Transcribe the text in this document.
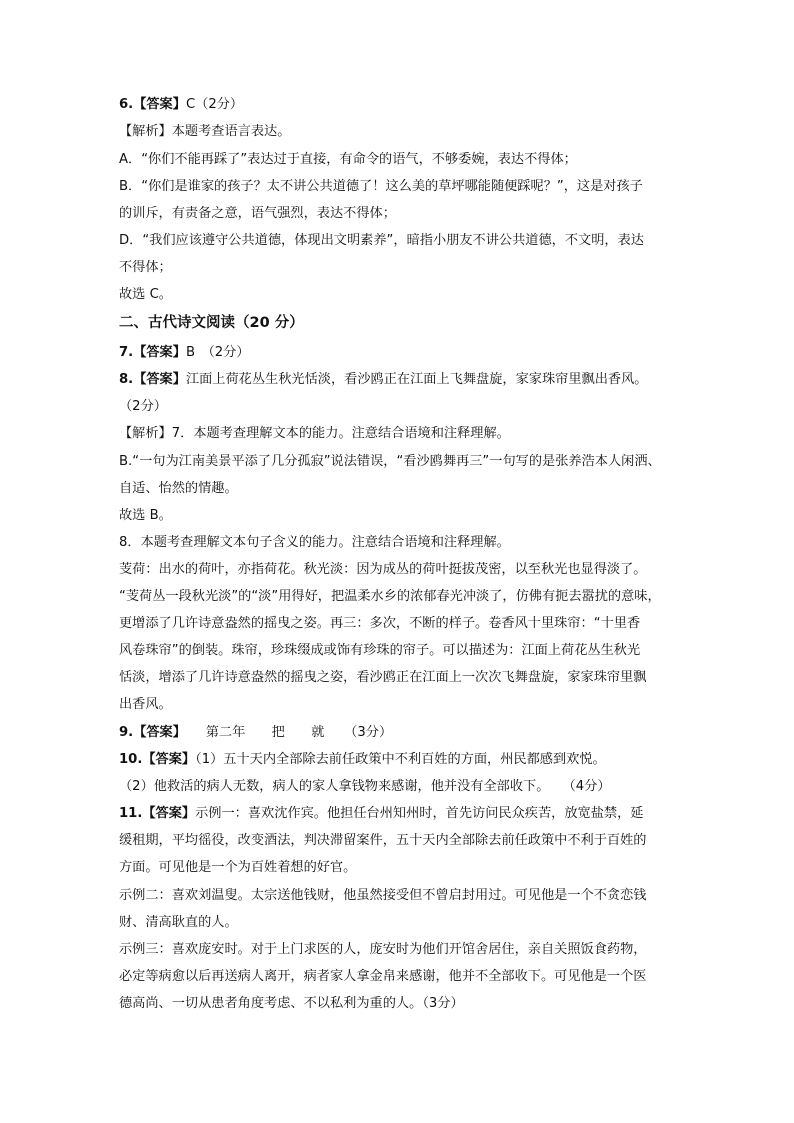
6.【答案】C（2分）
【解析】本题考查语言表达。
A．“你们不能再踩了”表达过于直接，有命令的语气，不够委婉，表达不得体；
B．“你们是谁家的孩子？太不讲公共道德了！这么美的草坪哪能随便踩呢？”，这是对孩子
的训斥，有责备之意，语气强烈，表达不得体；
D．“我们应该遵守公共道德，体现出文明素养”，暗指小朋友不讲公共道德，不文明，表达
不得体；
故选 C。
二、古代诗文阅读（20 分）
7.【答案】B　（2分）
8.【答案】江面上荷花丛生秋光恬淡，看沙鸥正在江面上飞舞盘旋，家家珠帘里飘出香风。
（2分）
【解析】7．本题考查理解文本的能力。注意结合语境和注释理解。
B.“一句为江南美景平添了几分孤寂”说法错误，“看沙鸥舞再三”一句写的是张养浩本人闲洒、
自适、怡然的情趣。
故选 B。
8．本题考查理解文本句子含义的能力。注意结合语境和注释理解。
芰荷：出水的荷叶，亦指荷花。秋光淡：因为成丛的荷叶挺拔茂密，以至秋光也显得淡了。
“芰荷丛一段秋光淡”的“淡”用得好，把温柔水乡的浓郁春光冲淡了，仿佛有扼去嚣扰的意味，
更增添了几许诗意盎然的摇曳之姿。再三：多次，不断的样子。卷香风十里珠帘：“十里香
风卷珠帘”的倒装。珠帘，珍珠缀成或饰有珍珠的帘子。可以描述为：江面上荷花丛生秋光
恬淡，增添了几许诗意盎然的摇曳之姿，看沙鸥正在江面上一次次飞舞盘旋，家家珠帘里飘
出香风。
9.【答案】　　第二年　　把　　就　　（3分）
10.【答案】（1）五十天内全部除去前任政策中不利百姓的方面，州民都感到欢悦。
（2）他救活的病人无数，病人的家人拿钱物来感谢，他并没有全部收下。　　（4分）
11.【答案】示例一：喜欢沈作宾。他担任台州知州时，首先访问民众疾苦，放宽盐禁，延
缓租期，平均徭役，改变酒法，判决滞留案件，五十天内全部除去前任政策中不利于百姓的
方面。可见他是一个为百姓着想的好官。
示例二：喜欢刘温叟。太宗送他钱财，他虽然接受但不曾启封用过。可见他是一个不贪恋钱
财、清高耿直的人。
示例三：喜欢庞安时。对于上门求医的人，庞安时为他们开馆舍居住，亲自关照饭食药物，
必定等病愈以后再送病人离开，病者家人拿金帛来感谢，他并不全部收下。可见他是一个医
德高尚、一切从患者角度考虑、不以私利为重的人。（3分）
